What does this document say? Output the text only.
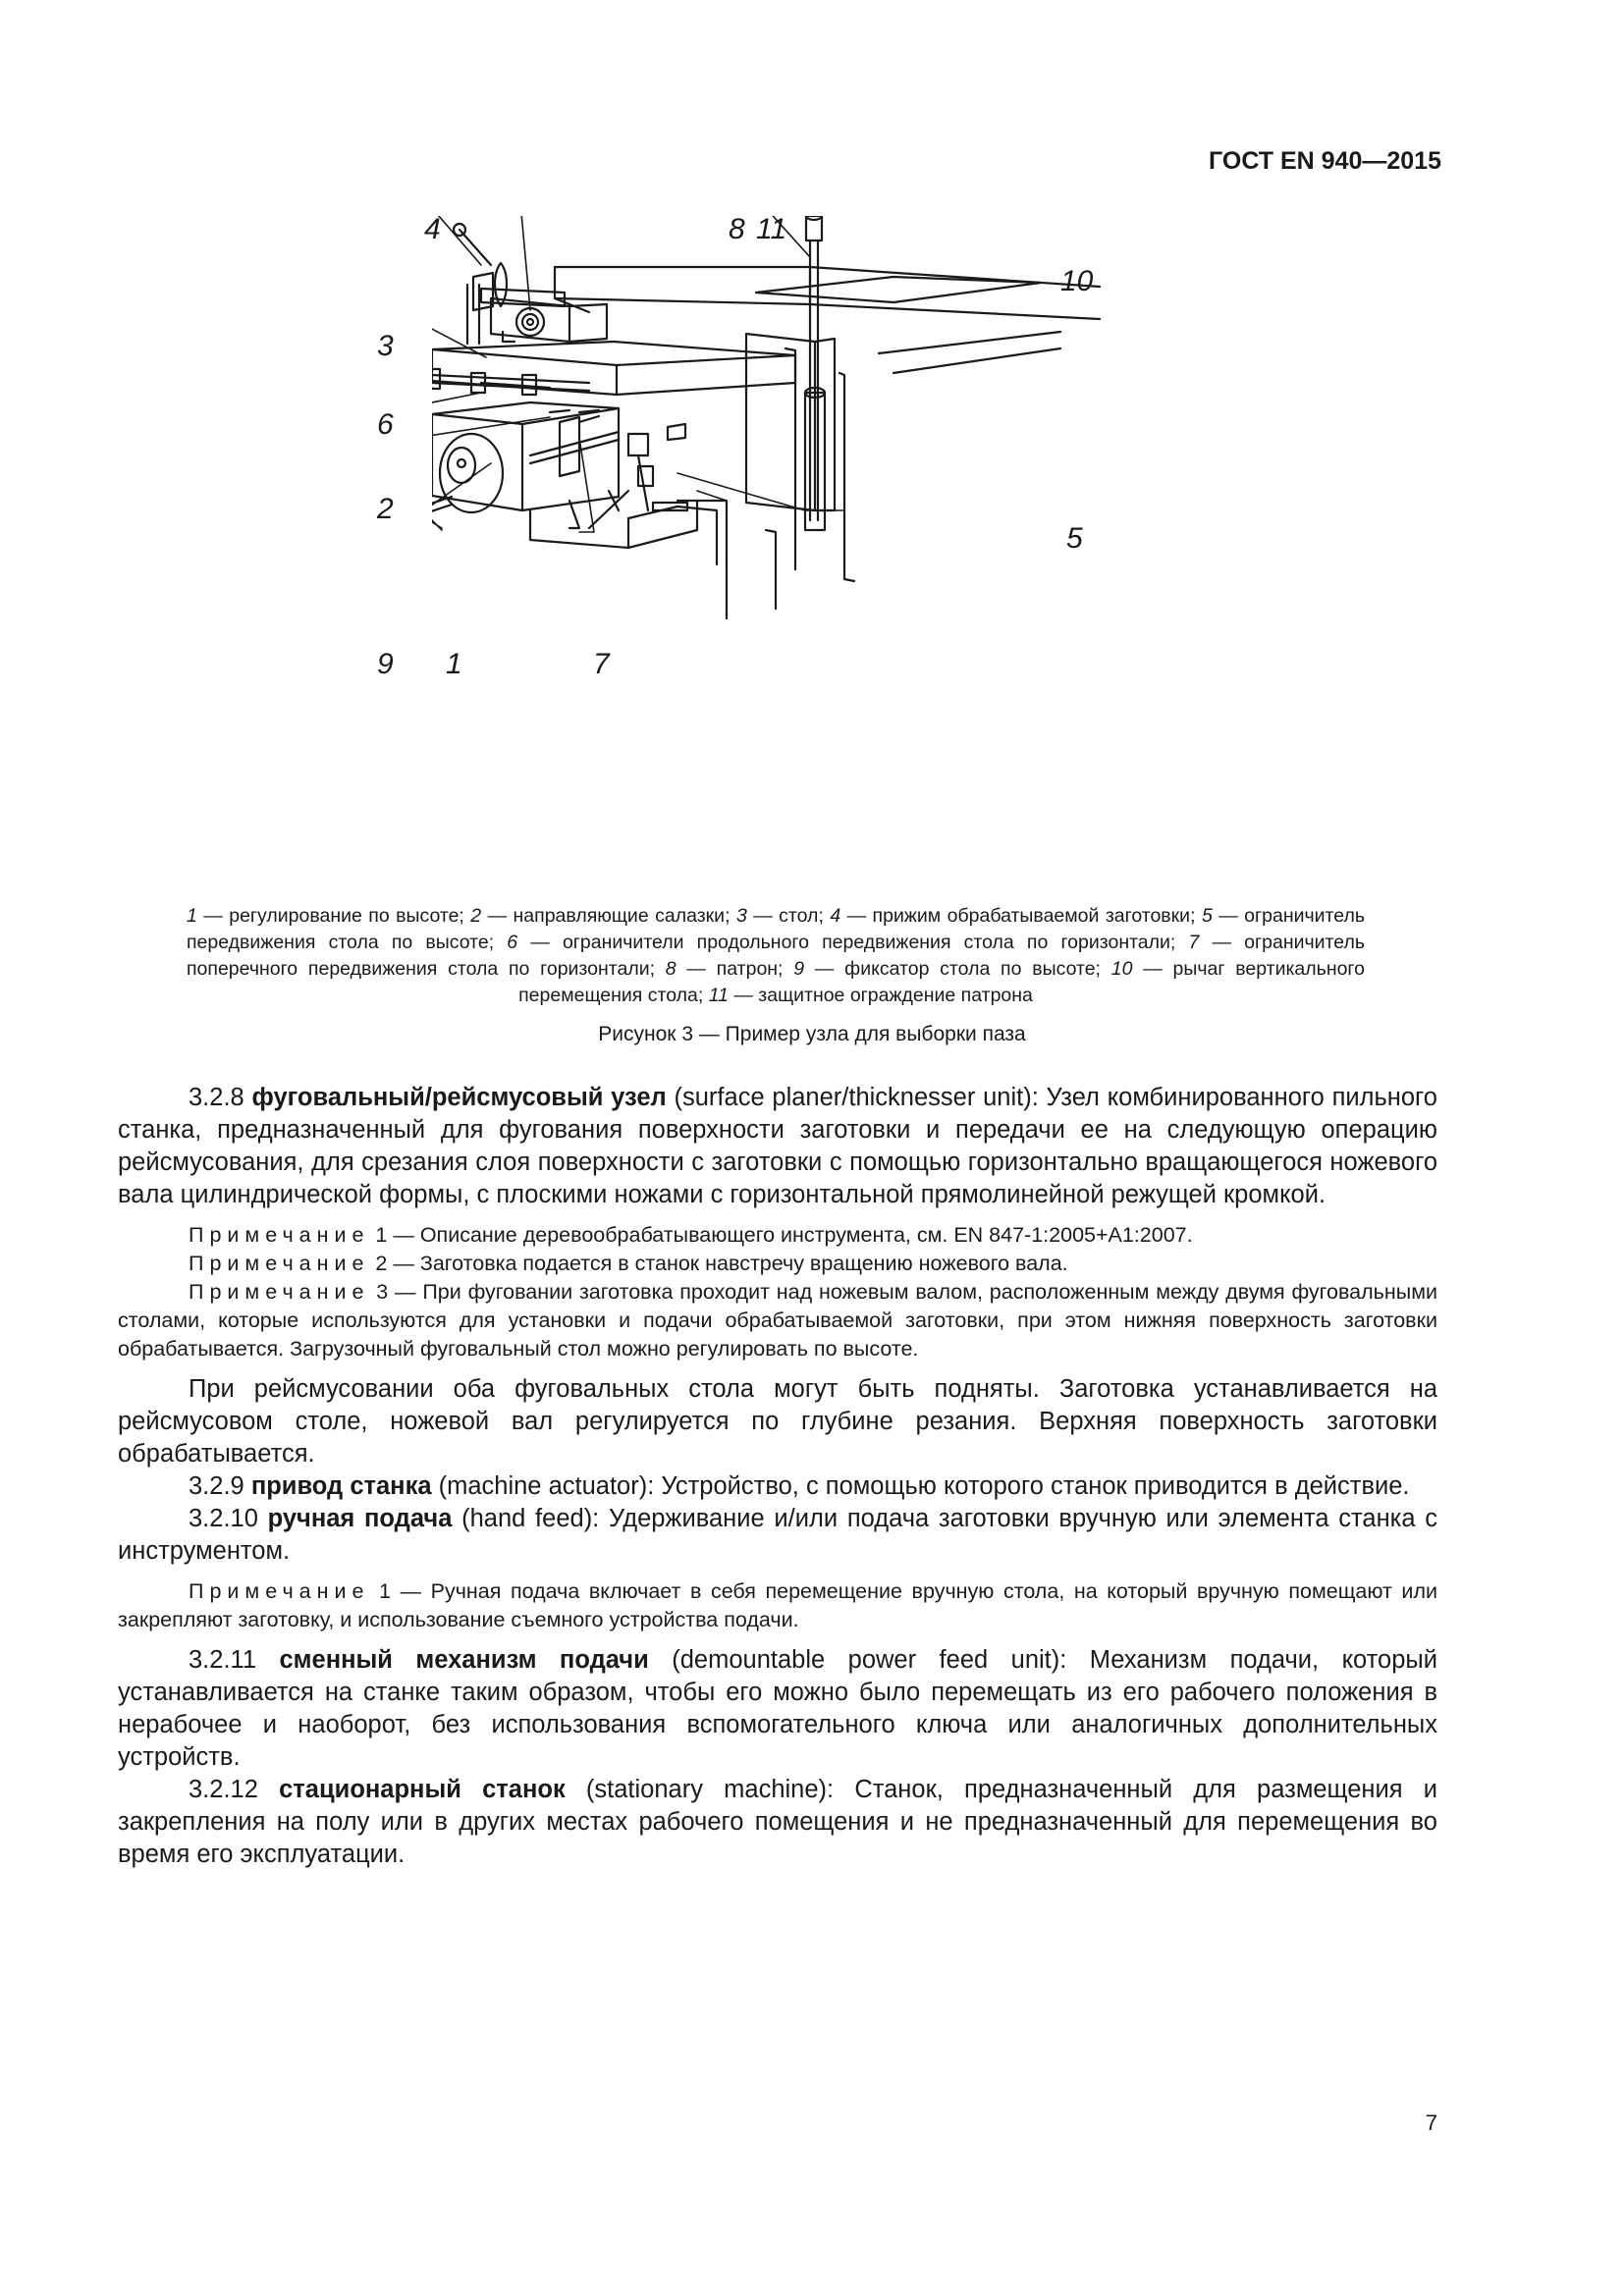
ГОСТ EN 940—2015
4	8 11
10
3
6
2
5
9 1	7
1 — регулирование по высоте; 2 — направляющие салазки; 3 — стол; 4 — прижим обрабатываемой заготовки; 5 — ограничитель передвижения стола по высоте; 6 — ограничители продольного передвижения стола по горизонтали; 7 — ограничитель поперечного передвижения стола по горизонтали; 8 — патрон; 9 — фиксатор стола по высоте; 10 — рычаг вертикального перемещения стола; 11 — защитное ограждение патрона
Рисунок 3 — Пример узла для выборки паза

3.2.8 фуговальный/рейсмусовый узел (surface planer/thicknesser unit): Узел комбинированного пильного станка, предназначенный для фугования поверхности заготовки и передачи ее на следующую операцию рейсмусования, для срезания слоя поверхности с заготовки с помощью горизонтально вращающегося ножевого вала цилиндрической формы, с плоскими ножами с горизонтальной прямолинейной режущей кромкой.

Примечание 1 — Описание деревообрабатывающего инструмента, см. EN 847-1:2005+A1:2007.

Примечание 2 — Заготовка подается в станок навстречу вращению ножевого вала.

Примечание 3 — При фуговании заготовка проходит над ножевым валом, расположенным между двумя фуговальными столами, которые используются для установки и подачи обрабатываемой заготовки, при этом нижняя поверхность заготовки обрабатывается. Загрузочный фуговальный стол можно регулировать по высоте.

При рейсмусовании оба фуговальных стола могут быть подняты. Заготовка устанавливается на рейсмусовом столе, ножевой вал регулируется по глубине резания. Верхняя поверхность заготовки обрабатывается.

3.2.9 привод станка (machine actuator): Устройство, с помощью которого станок приводится в действие.

3.2.10 ручная подача (hand feed): Удерживание и/или подача заготовки вручную или элемента станка с инструментом.

Примечание 1 — Ручная подача включает в себя перемещение вручную стола, на который вручную помещают или закрепляют заготовку, и использование съемного устройства подачи.

3.2.11 сменный механизм подачи (demountable power feed unit): Механизм подачи, который устанавливается на станке таким образом, чтобы его можно было перемещать из его рабочего положения в нерабочее и наоборот, без использования вспомогательного ключа или аналогичных дополнительных устройств.

3.2.12 стационарный станок (stationary machine): Станок, предназначенный для размещения и закрепления на полу или в других местах рабочего помещения и не предназначенный для перемещения во время его эксплуатации.

7
